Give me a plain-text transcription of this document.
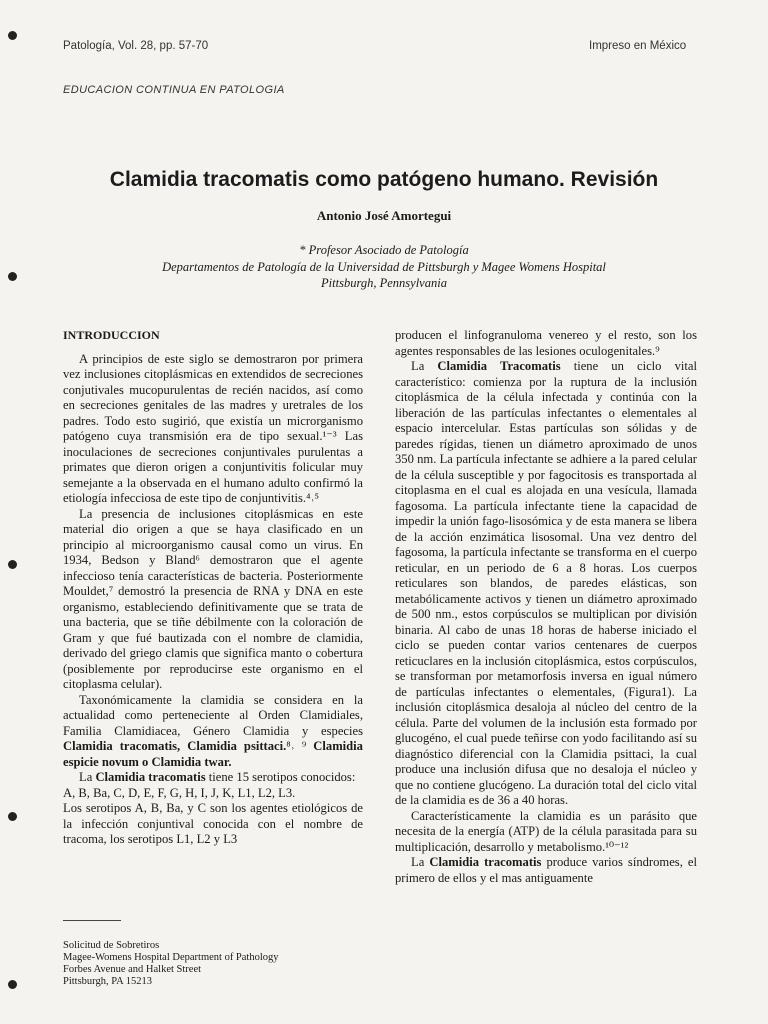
Patología, Vol. 28, pp. 57-70	Impreso en México
EDUCACION CONTINUA EN PATOLOGIA
Clamidia tracomatis como patógeno humano. Revisión
Antonio José Amortegui
* Profesor Asociado de Patología
Departamentos de Patología de la Universidad de Pittsburgh y Magee Womens Hospital
Pittsburgh, Pennsylvania
INTRODUCCION

A principios de este siglo se demostraron por primera vez inclusiones citoplásmicas en extendidos de secreciones conjutivales mucopurulentas de recién nacidos, así como en secreciones genitales de las madres y uretrales de los padres. Todo esto sugirió, que existía un microrganismo patógeno cuya transmisión era de tipo sexual.¹⁻³ Las inoculaciones de secreciones conjuntivales purulentas a primates que dieron origen a conjuntivitis folicular muy semejante a la observada en el humano adulto confirmó la etiología infecciosa de este tipo de conjuntivitis.⁴˒⁵

La presencia de inclusiones citoplásmicas en este material dio origen a que se haya clasificado en un principio al microorganismo causal como un virus. En 1934, Bedson y Bland⁶ demostraron que el agente infeccioso tenía características de bacteria. Posteriormente Mouldet,⁷ demostró la presencia de RNA y DNA en este organismo, estableciendo definitivamente que se trata de una bacteria, que se tiñe débilmente con la coloración de Gram y que fué bautizada con el nombre de clamidia, derivado del griego clamis que significa manto o cobertura (posiblemente por reproducirse este organismo en el citoplasma celular).

Taxonómicamente la clamidia se considera en la actualidad como perteneciente al Orden Clamidiales, Familia Clamidiacea, Género Clamidia y especies Clamidia tracomatis, Clamidia psittaci.⁸˒ ⁹ Clamidia espicie novum o Clamidia twar.

La Clamidia tracomatis tiene 15 serotipos conocidos:

A, B, Ba, C, D, E, F, G, H, I, J, K, L1, L2, L3.

Los serotipos A, B, Ba, y C son los agentes etiológicos de la infección conjuntival conocida con el nombre de tracoma, los serotipos L1, L2 y L3

Solicitud de Sobretiros
Magee-Womens Hospital Department of Pathology
Forbes Avenue and Halket Street
Pittsburgh, PA 15213

producen el linfogranuloma venereo y el resto, son los agentes responsables de las lesiones oculogenitales.⁹

La Clamidia Tracomatis tiene un ciclo vital característico: comienza por la ruptura de la inclusión citoplásmica de la célula infectada y continúa con la liberación de las partículas infectantes o elementales al espacio intercelular. Estas partículas son sólidas y de paredes rígidas, tienen un diámetro aproximado de unos 350 nm. La partícula infectante se adhiere a la pared celular de la célula susceptible y por fagocitosis es transportada al citoplasma en el cual es alojada en una vesícula, llamada fagosoma. La partícula infectante tiene la capacidad de impedir la unión fago-lisosómica y de esta manera se libera de la acción enzimática lisosomal. Una vez dentro del fagosoma, la partícula infectante se transforma en el cuerpo reticular, en un periodo de 6 a 8 horas. Los cuerpos reticulares son blandos, de paredes elásticas, son metabólicamente activos y tienen un diámetro aproximado de 500 nm., estos corpúsculos se multiplican por división binaria. Al cabo de unas 18 horas de haberse iniciado el ciclo se pueden contar varios centenares de cuerpos reticuclares en la inclusión citoplásmica, estos corpúsculos, se transforman por metamorfosis inversa en igual número de partículas infectantes o elementales, (Figura1). La inclusión citoplásmica desaloja al núcleo del centro de la célula. Parte del volumen de la inclusión esta formado por glucogéno, el cual puede teñirse con yodo facilitando así su diagnóstico diferencial con la Clamidia psittaci, la cual produce una inclusión difusa que no desaloja el núcleo y que no contiene glucógeno. La duración total del ciclo vital de la clamidia es de 36 a 40 horas.

Característicamente la clamidia es un parásito que necesita de la energía (ATP) de la célula parasitada para su multiplicación, desarrollo y metabolismo.¹⁰⁻¹²

La Clamidia tracomatis produce varios síndromes, el primero de ellos y el mas antiguamente
